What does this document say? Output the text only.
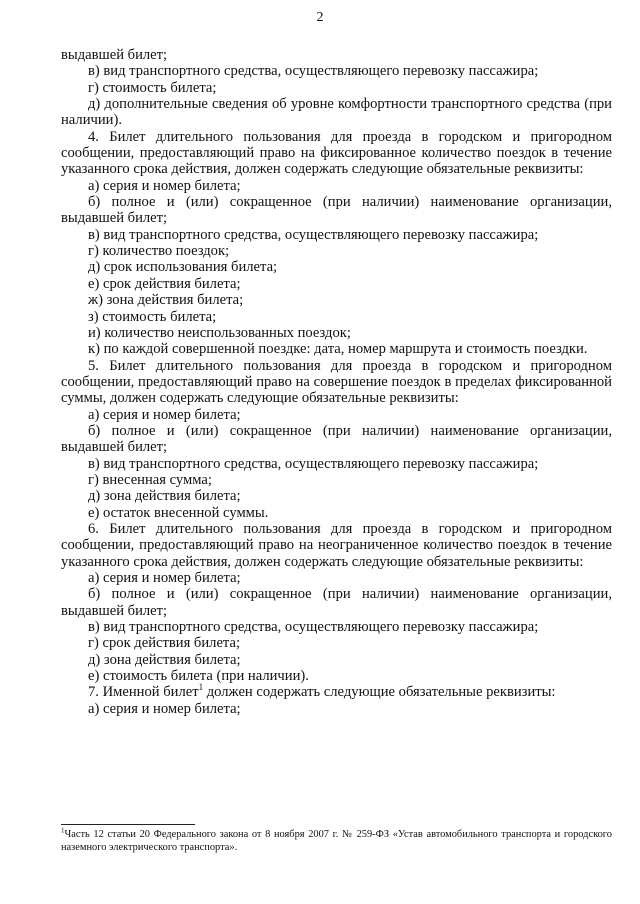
2

выдавшей билет;

в) вид транспортного средства, осуществляющего перевозку пассажира;

г) стоимость билета;

д) дополнительные сведения об уровне комфортности транспортного средства (при наличии).

4. Билет длительного пользования для проезда в городском и пригородном сообщении, предоставляющий право на фиксированное количество поездок в течение указанного срока действия, должен содержать следующие обязательные реквизиты:

а) серия и номер билета;

б) полное и (или) сокращенное (при наличии) наименование организации, выдавшей билет;

в) вид транспортного средства, осуществляющего перевозку пассажира;

г) количество поездок;

д) срок использования билета;

е) срок действия билета;

ж) зона действия билета;

з) стоимость билета;

и) количество неиспользованных поездок;

к) по каждой совершенной поездке: дата, номер маршрута и стоимость поездки.

5. Билет длительного пользования для проезда в городском и пригородном сообщении, предоставляющий право на совершение поездок в пределах фиксированной суммы, должен содержать следующие обязательные реквизиты:

а) серия и номер билета;

б) полное и (или) сокращенное (при наличии) наименование организации, выдавшей билет;

в) вид транспортного средства, осуществляющего перевозку пассажира;

г) внесенная сумма;

д) зона действия билета;

е) остаток внесенной суммы.

6. Билет длительного пользования для проезда в городском и пригородном сообщении, предоставляющий право на неограниченное количество поездок в течение указанного срока действия, должен содержать следующие обязательные реквизиты:

а) серия и номер билета;

б) полное и (или) сокращенное (при наличии) наименование организации, выдавшей билет;

в) вид транспортного средства, осуществляющего перевозку пассажира;

г) срок действия билета;

д) зона действия билета;

е) стоимость билета (при наличии).

7. Именной билет$^1$ должен содержать следующие обязательные реквизиты:

а) серия и номер билета;

$^1$Часть 12 статьи 20 Федерального закона от 8 ноября 2007 г. № 259-ФЗ «Устав автомобильного транспорта и городского наземного электрического транспорта».
